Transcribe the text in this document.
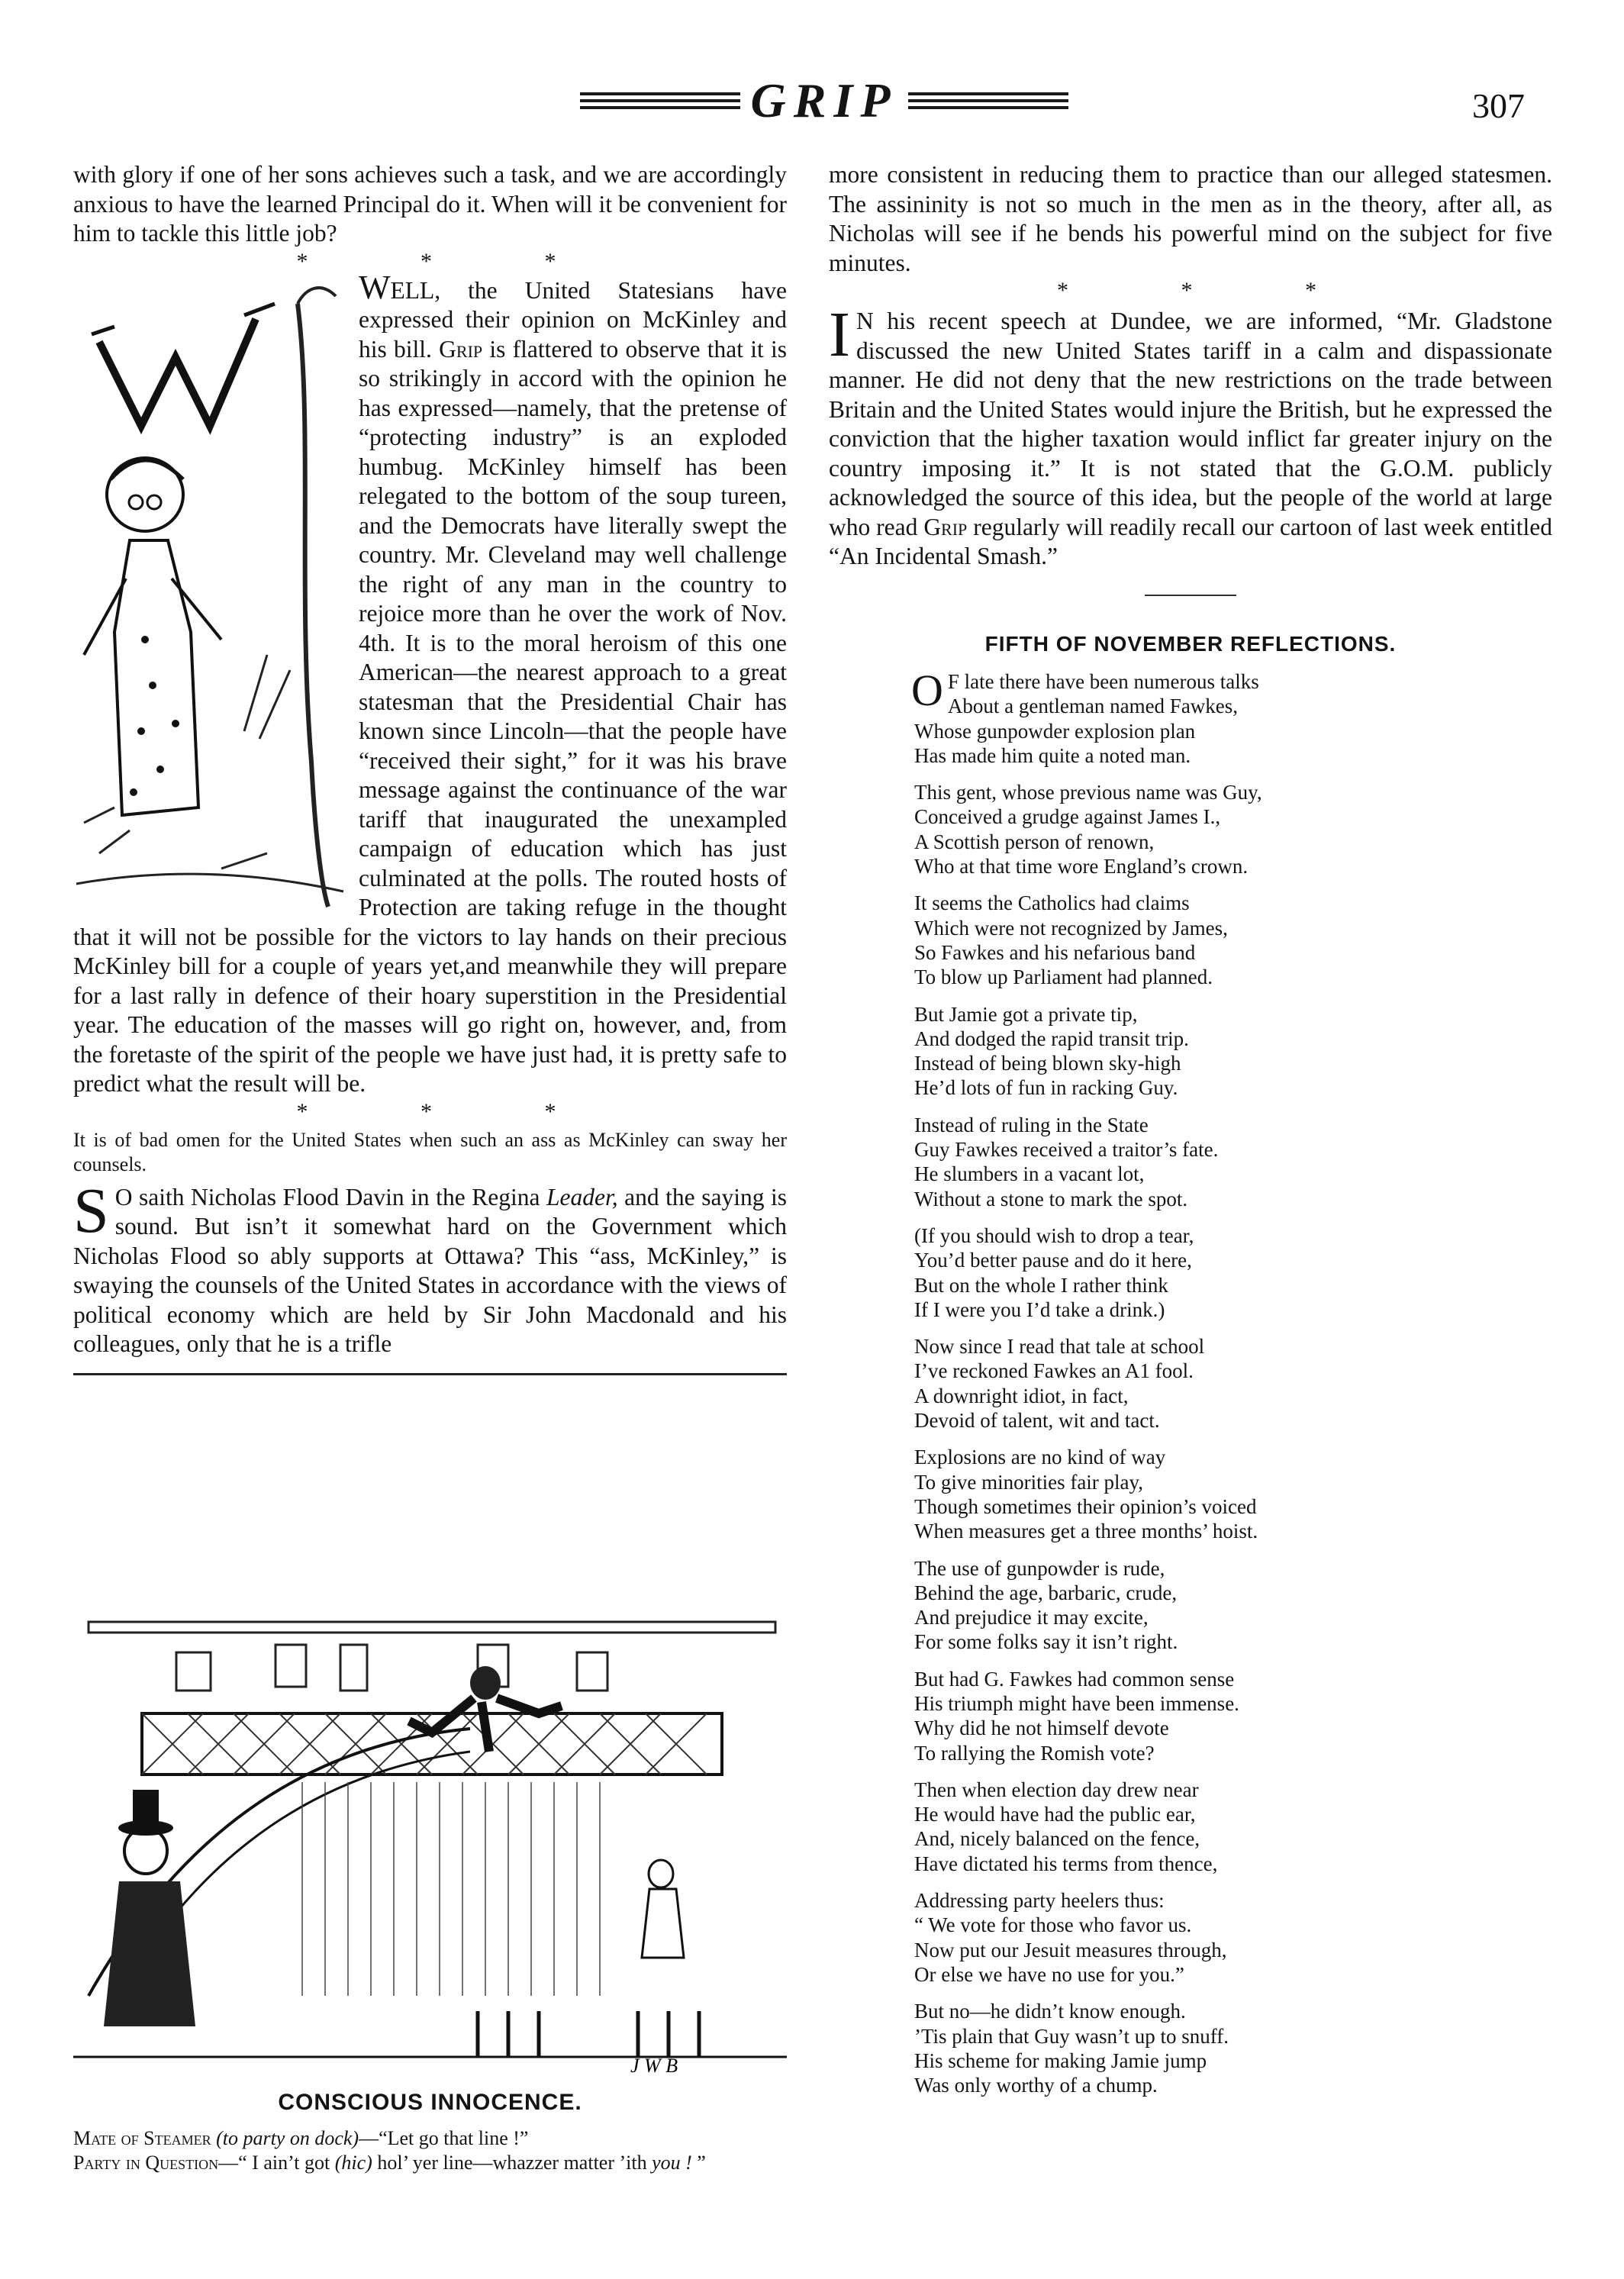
GRIP	307

with glory if one of her sons achieves such a task, and we are accordingly anxious to have the learned Principal do it. When will it be convenient for him to tackle this little job?

* * *

WELL, the United Statesians have expressed their opinion on McKinley and his bill. Grip is flattered to observe that it is so strikingly in accord with the opinion he has expressed—namely, that the pretense of “protecting industry” is an exploded humbug. McKinley himself has been relegated to the bottom of the soup tureen, and the Democrats have literally swept the country. Mr. Cleveland may well challenge the right of any man in the country to rejoice more than he over the work of Nov. 4th. It is to the moral heroism of this one American—the nearest approach to a great statesman that the Presidential Chair has known since Lincoln—that the people have “received their sight,” for it was his brave message against the continuance of the war tariff that inaugurated the unexampled campaign of education which has just culminated at the polls. The routed hosts of Protection are taking refuge in the thought that it will not be possible for the victors to lay hands on their precious McKinley bill for a couple of years yet,and meanwhile they will prepare for a last rally in defence of their hoary superstition in the Presidential year. The education of the masses will go right on, however, and, from the foretaste of the spirit of the people we have just had, it is pretty safe to predict what the result will be.

* * *

It is of bad omen for the United States when such an ass as McKinley can sway her counsels.

S O saith Nicholas Flood Davin in the Regina Leader, and the saying is sound. But isn’t it somewhat hard on the Government which Nicholas Flood so ably supports at Ottawa? This “ass, McKinley,” is swaying the counsels of the United States in accordance with the views of political economy which are held by Sir John Macdonald and his colleagues, only that he is a trifle

J W B
CONSCIOUS INNOCENCE.

Mate of Steamer (to party on dock)—“Let go that line !”

Party in Question—“ I ain’t got (hic) hol’ yer line—whazzer matter ’ith you ! ”

more consistent in reducing them to practice than our alleged statesmen. The assininity is not so much in the men as in the theory, after all, as Nicholas will see if he bends his powerful mind on the subject for five minutes.

* * *

I N his recent speech at Dundee, we are informed, “Mr. Gladstone discussed the new United States tariff in a calm and dispassionate manner. He did not deny that the new restrictions on the trade between Britain and the United States would injure the British, but he expressed the conviction that the higher taxation would inflict far greater injury on the country imposing it.” It is not stated that the G.O.M. publicly acknowledged the source of this idea, but the people of the world at large who read Grip regularly will readily recall our cartoon of last week entitled “An Incidental Smash.”

FIFTH OF NOVEMBER REFLECTIONS.
O F late there have been numerous talks
About a gentleman named Fawkes,
Whose gunpowder explosion plan
Has made him quite a noted man.
This gent, whose previous name was Guy,
Conceived a grudge against James I.,
A Scottish person of renown,
Who at that time wore England’s crown.
It seems the Catholics had claims
Which were not recognized by James,
So Fawkes and his nefarious band
To blow up Parliament had planned.
But Jamie got a private tip,
And dodged the rapid transit trip.
Instead of being blown sky-high
He’d lots of fun in racking Guy.
Instead of ruling in the State
Guy Fawkes received a traitor’s fate.
He slumbers in a vacant lot,
Without a stone to mark the spot.
(If you should wish to drop a tear,
You’d better pause and do it here,
But on the whole I rather think
If I were you I’d take a drink.)
Now since I read that tale at school
I’ve reckoned Fawkes an A1 fool.
A downright idiot, in fact,
Devoid of talent, wit and tact.
Explosions are no kind of way
To give minorities fair play,
Though sometimes their opinion’s voiced
When measures get a three months’ hoist.
The use of gunpowder is rude,
Behind the age, barbaric, crude,
And prejudice it may excite,
For some folks say it isn’t right.
But had G. Fawkes had common sense
His triumph might have been immense.
Why did he not himself devote
To rallying the Romish vote?
Then when election day drew near
He would have had the public ear,
And, nicely balanced on the fence,
Have dictated his terms from thence,
Addressing party heelers thus:
“ We vote for those who favor us.
Now put our Jesuit measures through,
Or else we have no use for you.”
But no—he didn’t know enough.
’Tis plain that Guy wasn’t up to snuff.
His scheme for making Jamie jump
Was only worthy of a chump.
